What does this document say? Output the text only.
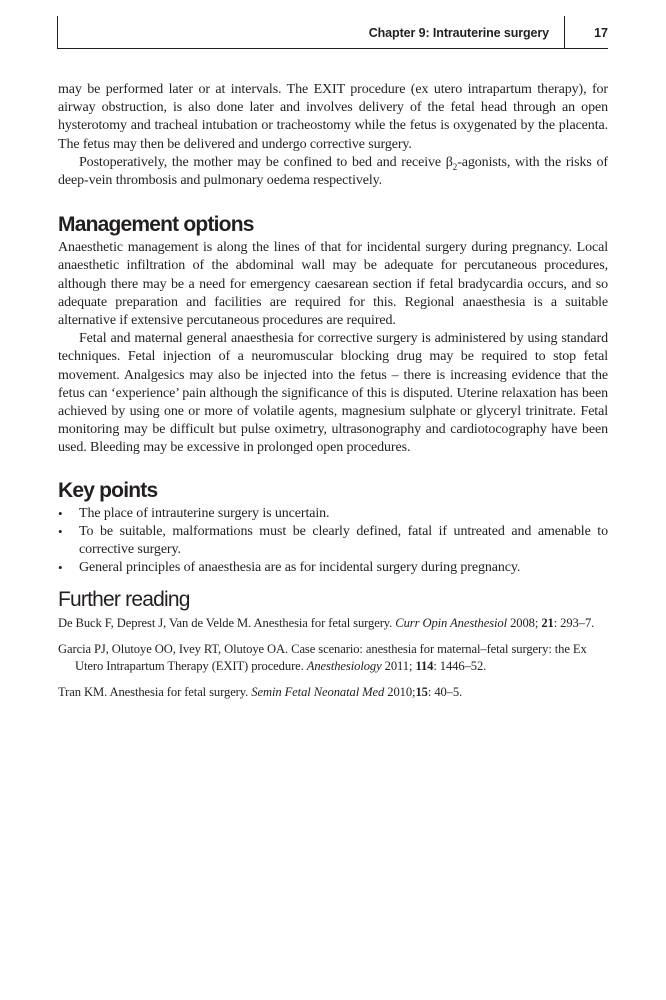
Chapter 9: Intrauterine surgery	17

may be performed later or at intervals. The EXIT procedure (ex utero intrapartum therapy), for airway obstruction, is also done later and involves delivery of the fetal head through an open hysterotomy and tracheal intubation or tracheostomy while the fetus is oxygenated by the placenta. The fetus may then be delivered and undergo corrective surgery.

Postoperatively, the mother may be confined to bed and receive $\beta_2$-agonists, with the risks of deep-vein thrombosis and pulmonary oedema respectively.

Management options

Anaesthetic management is along the lines of that for incidental surgery during pregnancy. Local anaesthetic infiltration of the abdominal wall may be adequate for percutaneous procedures, although there may be a need for emergency caesarean section if fetal bradycardia occurs, and so adequate preparation and facilities are required for this. Regional anaesthesia is a suitable alternative if extensive percutaneous procedures are required.

Fetal and maternal general anaesthesia for corrective surgery is administered by using standard techniques. Fetal injection of a neuromuscular blocking drug may be required to stop fetal movement. Analgesics may also be injected into the fetus – there is increasing evidence that the fetus can ‘experience’ pain although the significance of this is disputed. Uterine relaxation has been achieved by using one or more of volatile agents, magnesium sulphate or glyceryl trinitrate. Fetal monitoring may be difficult but pulse oximetry, ultrasonography and cardiotocography have been used. Bleeding may be excessive in prolonged open procedures.

Key points
• The place of intrauterine surgery is uncertain.
• To be suitable, malformations must be clearly defined, fatal if untreated and amenable to corrective surgery.
• General principles of anaesthesia are as for incidental surgery during pregnancy.
Further reading

De Buck F, Deprest J, Van de Velde M. Anesthesia for fetal surgery. Curr Opin Anesthesiol 2008; 21: 293–7.

Garcia PJ, Olutoye OO, Ivey RT, Olutoye OA. Case scenario: anesthesia for maternal–fetal surgery: the Ex Utero Intrapartum Therapy (EXIT) procedure. Anesthesiology 2011; 114: 1446–52.

Tran KM. Anesthesia for fetal surgery. Semin Fetal Neonatal Med 2010;15: 40–5.
